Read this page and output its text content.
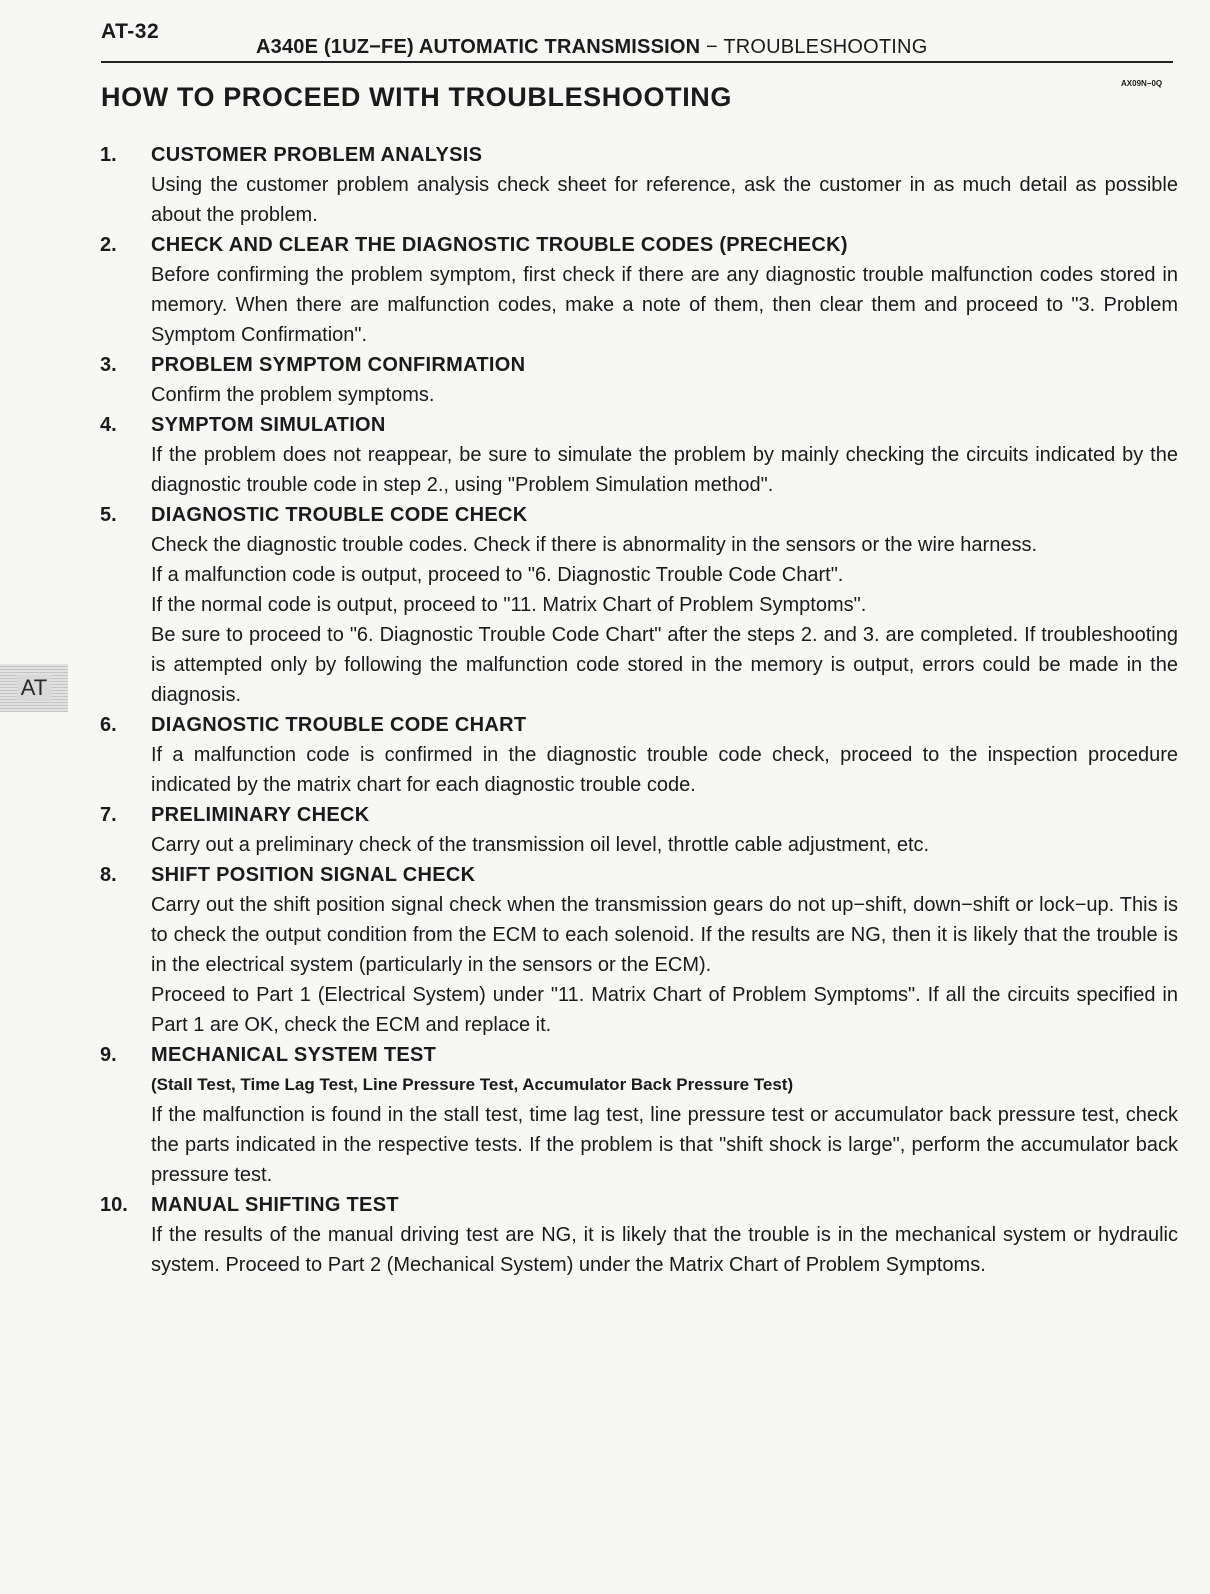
AT-32
A340E (1UZ−FE) AUTOMATIC TRANSMISSION − TROUBLESHOOTING
AX09N−0Q
HOW TO PROCEED WITH TROUBLESHOOTING
1.	CUSTOMER PROBLEM ANALYSIS
Using the customer problem analysis check sheet for reference, ask the customer in as much detail as possible about the problem.
2.	CHECK AND CLEAR THE DIAGNOSTIC TROUBLE CODES (PRECHECK)
Before confirming the problem symptom, first check if there are any diagnostic trouble malfunction codes stored in memory. When there are malfunction codes, make a note of them, then clear them and proceed to "3. Problem Symptom Confirmation".
3.	PROBLEM SYMPTOM CONFIRMATION
Confirm the problem symptoms.
4.	SYMPTOM SIMULATION
If the problem does not reappear, be sure to simulate the problem by mainly checking the circuits indicated by the diagnostic trouble code in step 2., using "Problem Simulation method".
5.	DIAGNOSTIC TROUBLE CODE CHECK
Check the diagnostic trouble codes. Check if there is abnormality in the sensors or the wire harness.
If a malfunction code is output, proceed to "6. Diagnostic Trouble Code Chart".
If the normal code is output, proceed to "11. Matrix Chart of Problem Symptoms".
Be sure to proceed to "6. Diagnostic Trouble Code Chart" after the steps 2. and 3. are completed. If troubleshooting is attempted only by following the malfunction code stored in the memory is output, errors could be made in the diagnosis.
6.	DIAGNOSTIC TROUBLE CODE CHART
If a malfunction code is confirmed in the diagnostic trouble code check, proceed to the inspection procedure indicated by the matrix chart for each diagnostic trouble code.
7.	PRELIMINARY CHECK
Carry out a preliminary check of the transmission oil level, throttle cable adjustment, etc.
8.	SHIFT POSITION SIGNAL CHECK
Carry out the shift position signal check when the transmission gears do not up−shift, down−shift or lock−up. This is to check the output condition from the ECM to each solenoid. If the results are NG, then it is likely that the trouble is in the electrical system (particularly in the sensors or the ECM).
Proceed to Part 1 (Electrical System) under "11. Matrix Chart of Problem Symptoms". If all the circuits specified in Part 1 are OK, check the ECM and replace it.
9.	MECHANICAL SYSTEM TEST
(Stall Test, Time Lag Test, Line Pressure Test, Accumulator Back Pressure Test)
If the malfunction is found in the stall test, time lag test, line pressure test or accumulator back pressure test, check the parts indicated in the respective tests. If the problem is that "shift shock is large", perform the accumulator back pressure test.
10.	MANUAL SHIFTING TEST
If the results of the manual driving test are NG, it is likely that the trouble is in the mechanical system or hydraulic system. Proceed to Part 2 (Mechanical System) under the Matrix Chart of Problem Symptoms.
AT
